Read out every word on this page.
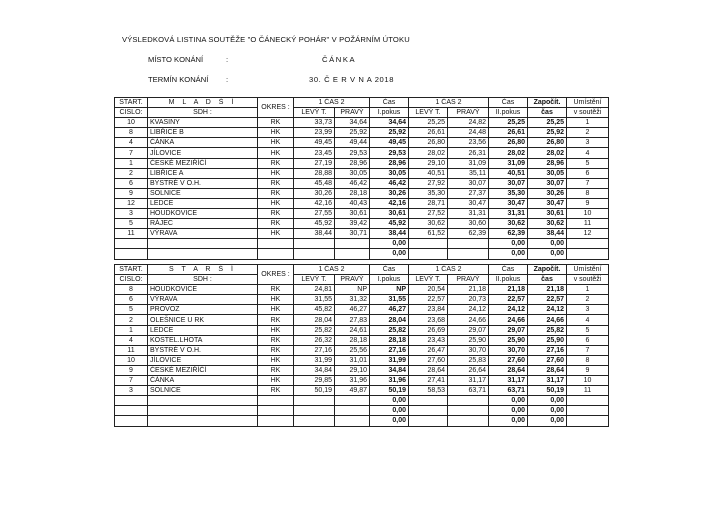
VÝSLEDKOVÁ LISTINA SOUTĚŽE "O ČÁNECKÝ POHÁR" V POŽÁRNÍM ÚTOKU
MÍSTO KONÁNÍ	:	ČÁNKA
TERMÍN KONÁNÍ :	30. Č E R V N A 2018
START.	M L A D Š Í	OKRES :	1 ČAS 2		Čas	1 ČAS 2		Čas	Započít.	Umístění
CISLO:	SDH :		LEVÝ T.	PRAVÝ	I.pokus	LEVÝ T.	PRAVÝ	II.pokus	čas	v soutěži
10	KVASINY	RK	33,73	34,64	34,64	25,25	24,82	25,25	25,25	1
8	LIBŘICE B	HK	23,99	25,92	25,92	26,61	24,48	26,61	25,92	2
4	ČÁNKA	HK	49,45	49,44	49,45	26,80	23,56	26,80	26,80	3
7	JÍLOVICE	HK	23,45	29,53	29,53	28,02	26,31	28,02	28,02	4
1	ČESKÉ MEZIŘÍČÍ	RK	27,19	28,96	28,96	29,10	31,09	31,09	28,96	5
2	LIBŘICE A	HK	28,88	30,05	30,05	40,51	35,11	40,51	30,05	6
6	BYSTRÉ V O.H.	RK	45,48	46,42	46,42	27,92	30,07	30,07	30,07	7
9	SOLNICE	RK	30,26	28,18	30,26	35,30	27,37	35,30	30,26	8
12	LEDCE	HK	42,16	40,43	42,16	28,71	30,47	30,47	30,47	9
3	HOUDKOVICE	RK	27,55	30,61	30,61	27,52	31,31	31,31	30,61	10
5	RÁJEC	RK	45,92	39,42	45,92	30,62	30,60	30,62	30,62	11
11	VÝRAVA	HK	38,44	30,71	38,44	61,52	62,39	62,39	38,44	12
					0,00			0,00	0,00	
					0,00			0,00	0,00	
START.	S T A R Š Í	OKRES :	1 ČAS 2		Čas	1 ČAS 2		Čas	Započít.	Umístění
CISLO:	SDH :		LEVÝ T.	PRAVÝ	I.pokus	LEVÝ T.	PRAVÝ	II.pokus	čas	v soutěži
8	HOUDKOVICE	RK	24,81	NP	NP	20,54	21,18	21,18	21,18	1
6	VÝRAVA	HK	31,55	31,32	31,55	22,57	20,73	22,57	22,57	2
5	PROVOZ	HK	45,82	46,27	46,27	23,84	24,12	24,12	24,12	3
2	OLEŠNICE U RK	RK	28,04	27,83	28,04	23,68	24,66	24,66	24,66	4
1	LEDCE	HK	25,82	24,61	25,82	26,69	29,07	29,07	25,82	5
4	KOSTEL.LHOTA	RK	26,32	28,18	28,18	23,43	25,90	25,90	25,90	6
11	BYSTRÉ V O.H.	RK	27,16	25,56	27,16	26,47	30,70	30,70	27,16	7
10	JÍLOVICE	HK	31,99	31,01	31,99	27,60	25,83	27,60	27,60	8
9	ČESKÉ MEZIŘÍČÍ	RK	34,84	29,10	34,84	28,64	26,64	28,64	28,64	9
7	ČÁNKA	HK	29,85	31,96	31,96	27,41	31,17	31,17	31,17	10
3	SOLNICE	RK	50,19	49,87	50,19	58,53	63,71	63,71	50,19	11
					0,00			0,00	0,00	
					0,00			0,00	0,00	
					0,00			0,00	0,00	
